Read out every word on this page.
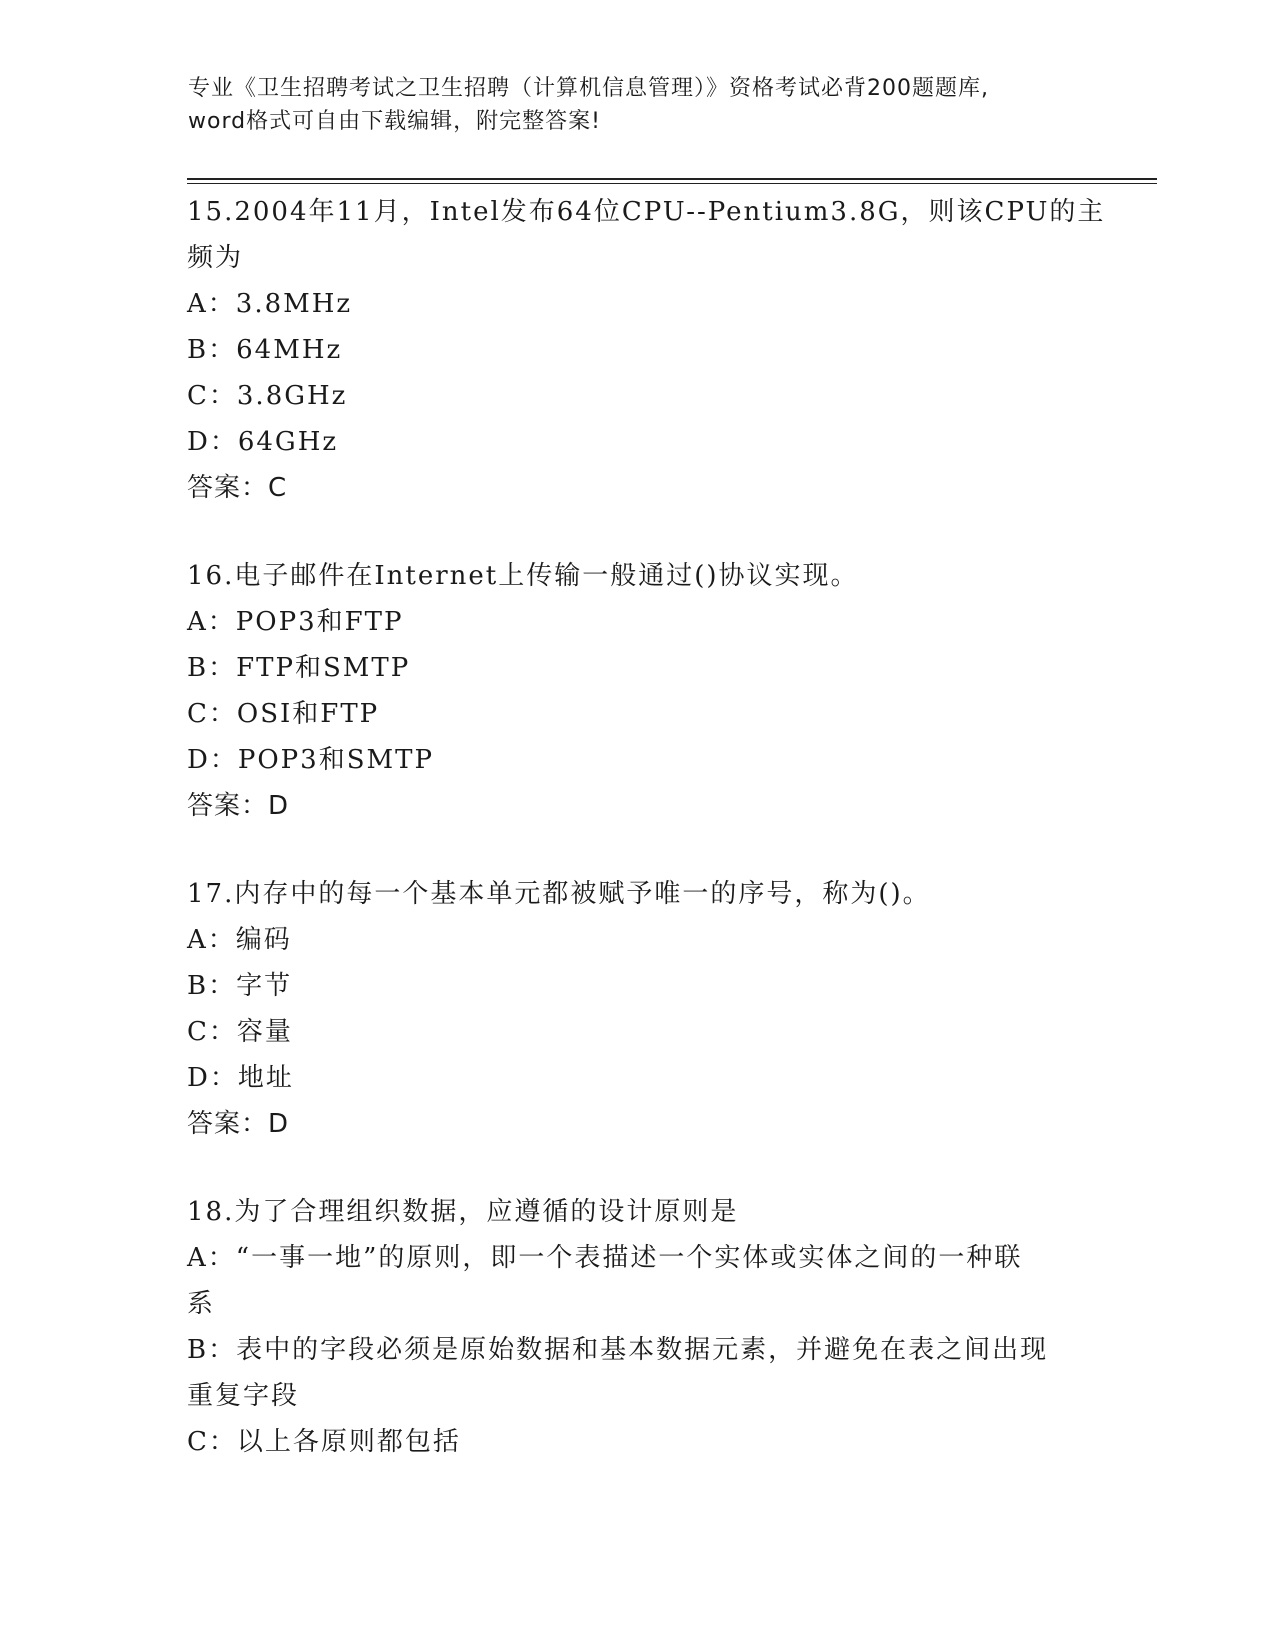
专业《卫生招聘考试之卫生招聘（计算机信息管理）》资格考试必背200题题库,
word格式可自由下载编辑，附完整答案!
15.2004年11月，Intel发布64位CPU--Pentium3.8G，则该CPU的主
频为
A：3.8MHz
B：64MHz
C：3.8GHz
D：64GHz
答案：C
16.电子邮件在Internet上传输一般通过()协议实现。
A：POP3和FTP
B：FTP和SMTP
C：OSI和FTP
D：POP3和SMTP
答案：D
17.内存中的每一个基本单元都被赋予唯一的序号，称为()。
A：编码
B：字节
C：容量
D：地址
答案：D
18.为了合理组织数据，应遵循的设计原则是
A：“一事一地”的原则，即一个表描述一个实体或实体之间的一种联
系
B：表中的字段必须是原始数据和基本数据元素，并避免在表之间出现
重复字段
C：以上各原则都包括
